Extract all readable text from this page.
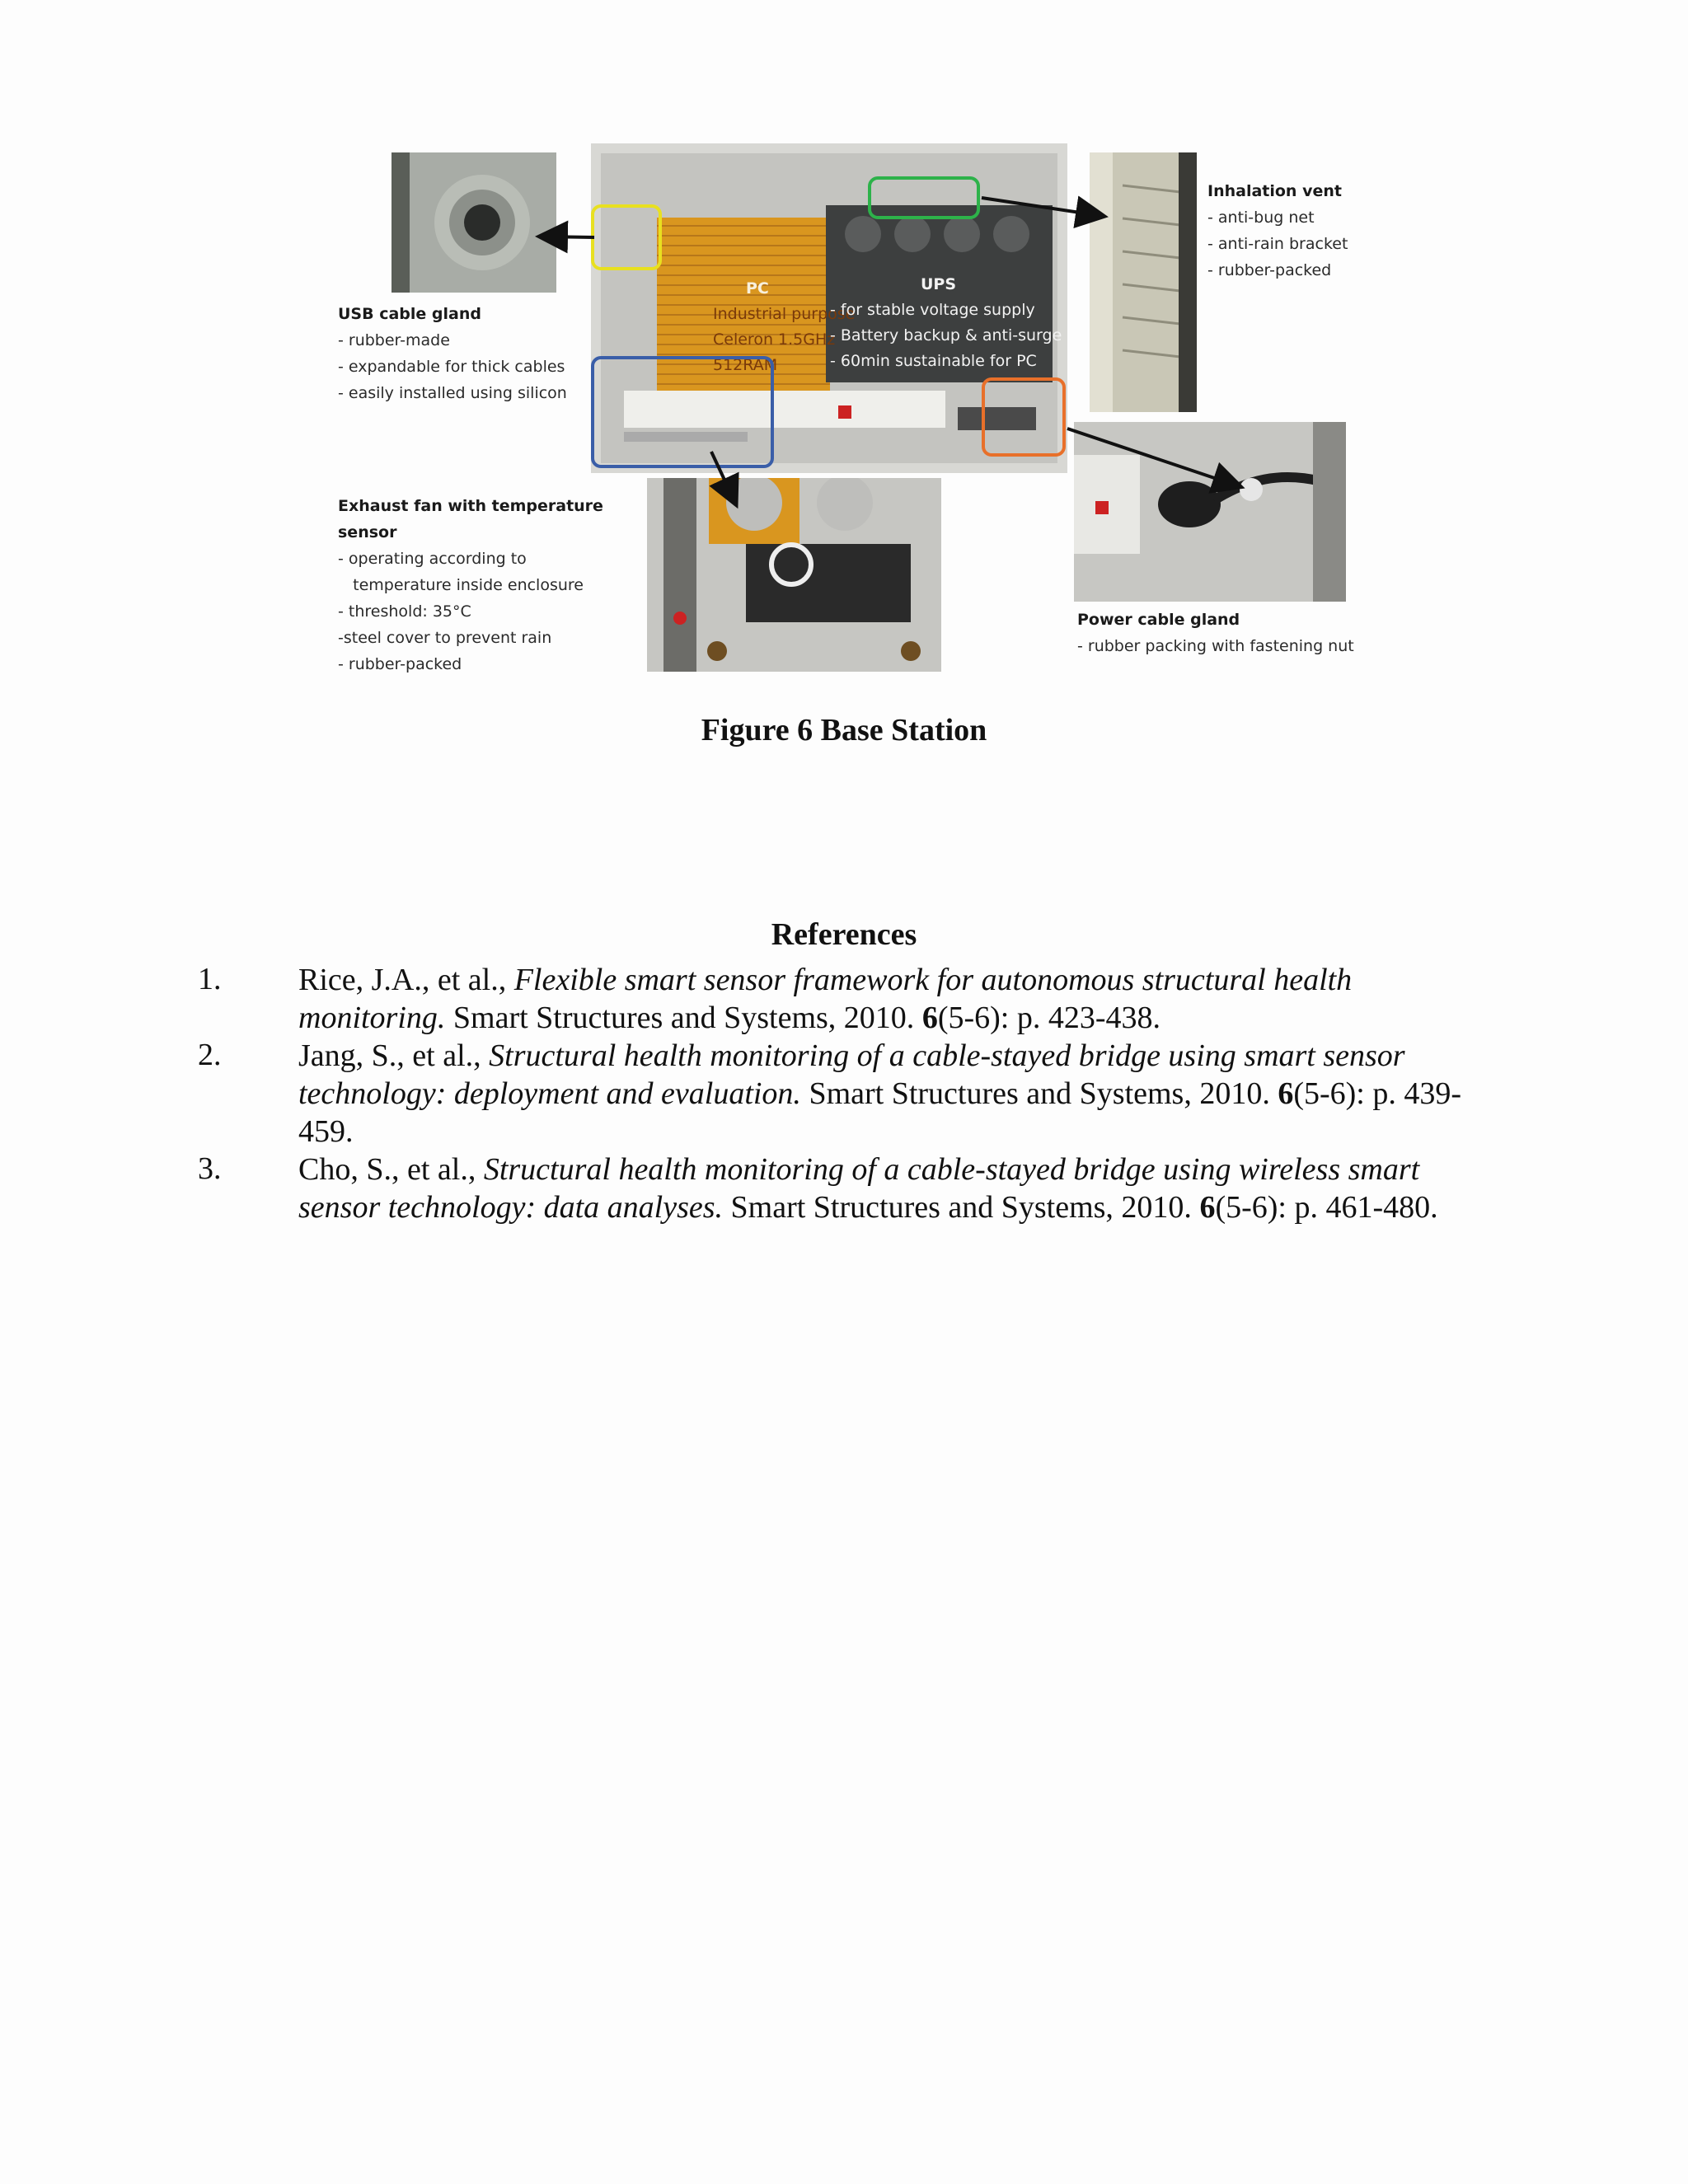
PC
Industrial purpose
Celeron 1.5GHz
512RAM
UPS
- for stable voltage supply
- Battery backup & anti-surge
- 60min sustainable for PC
USB cable gland
- rubber-made
- expandable for thick cables
- easily installed using silicon
Inhalation vent
- anti-bug net
- anti-rain bracket
- rubber-packed
Exhaust fan with temperature
sensor
- operating according to
temperature inside enclosure
- threshold: 35°C
-steel cover to prevent rain
- rubber-packed
Power cable gland
- rubber packing with fastening nut
Figure 6 Base Station
References
1. Rice, J.A., et al., Flexible smart sensor framework for autonomous structural health monitoring. Smart Structures and Systems, 2010. 6(5-6): p. 423-438.
2. Jang, S., et al., Structural health monitoring of a cable-stayed bridge using smart sensor technology: deployment and evaluation. Smart Structures and Systems, 2010. 6(5-6): p. 439-459.
3. Cho, S., et al., Structural health monitoring of a cable-stayed bridge using wireless smart sensor technology: data analyses. Smart Structures and Systems, 2010. 6(5-6): p. 461-480.
